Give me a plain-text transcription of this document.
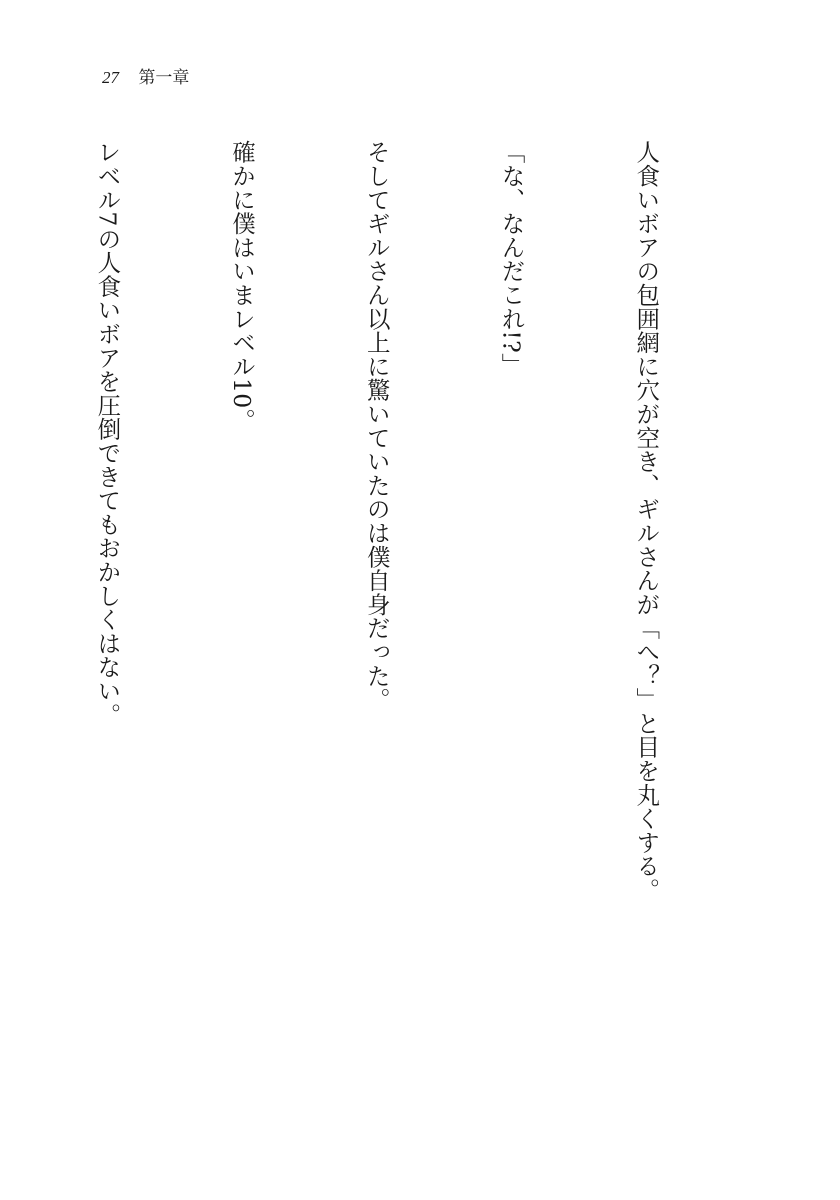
27 第一章

人食いボアの包囲網に穴が空き、ギルさんが「へ？」と目を丸くする。

「な、なんだこれ!?」

そしてギルさん以上に驚いていたのは僕自身だった。

確かに僕はいまレベル10。

レベル7の人食いボアを圧倒できてもおかしくはない。
